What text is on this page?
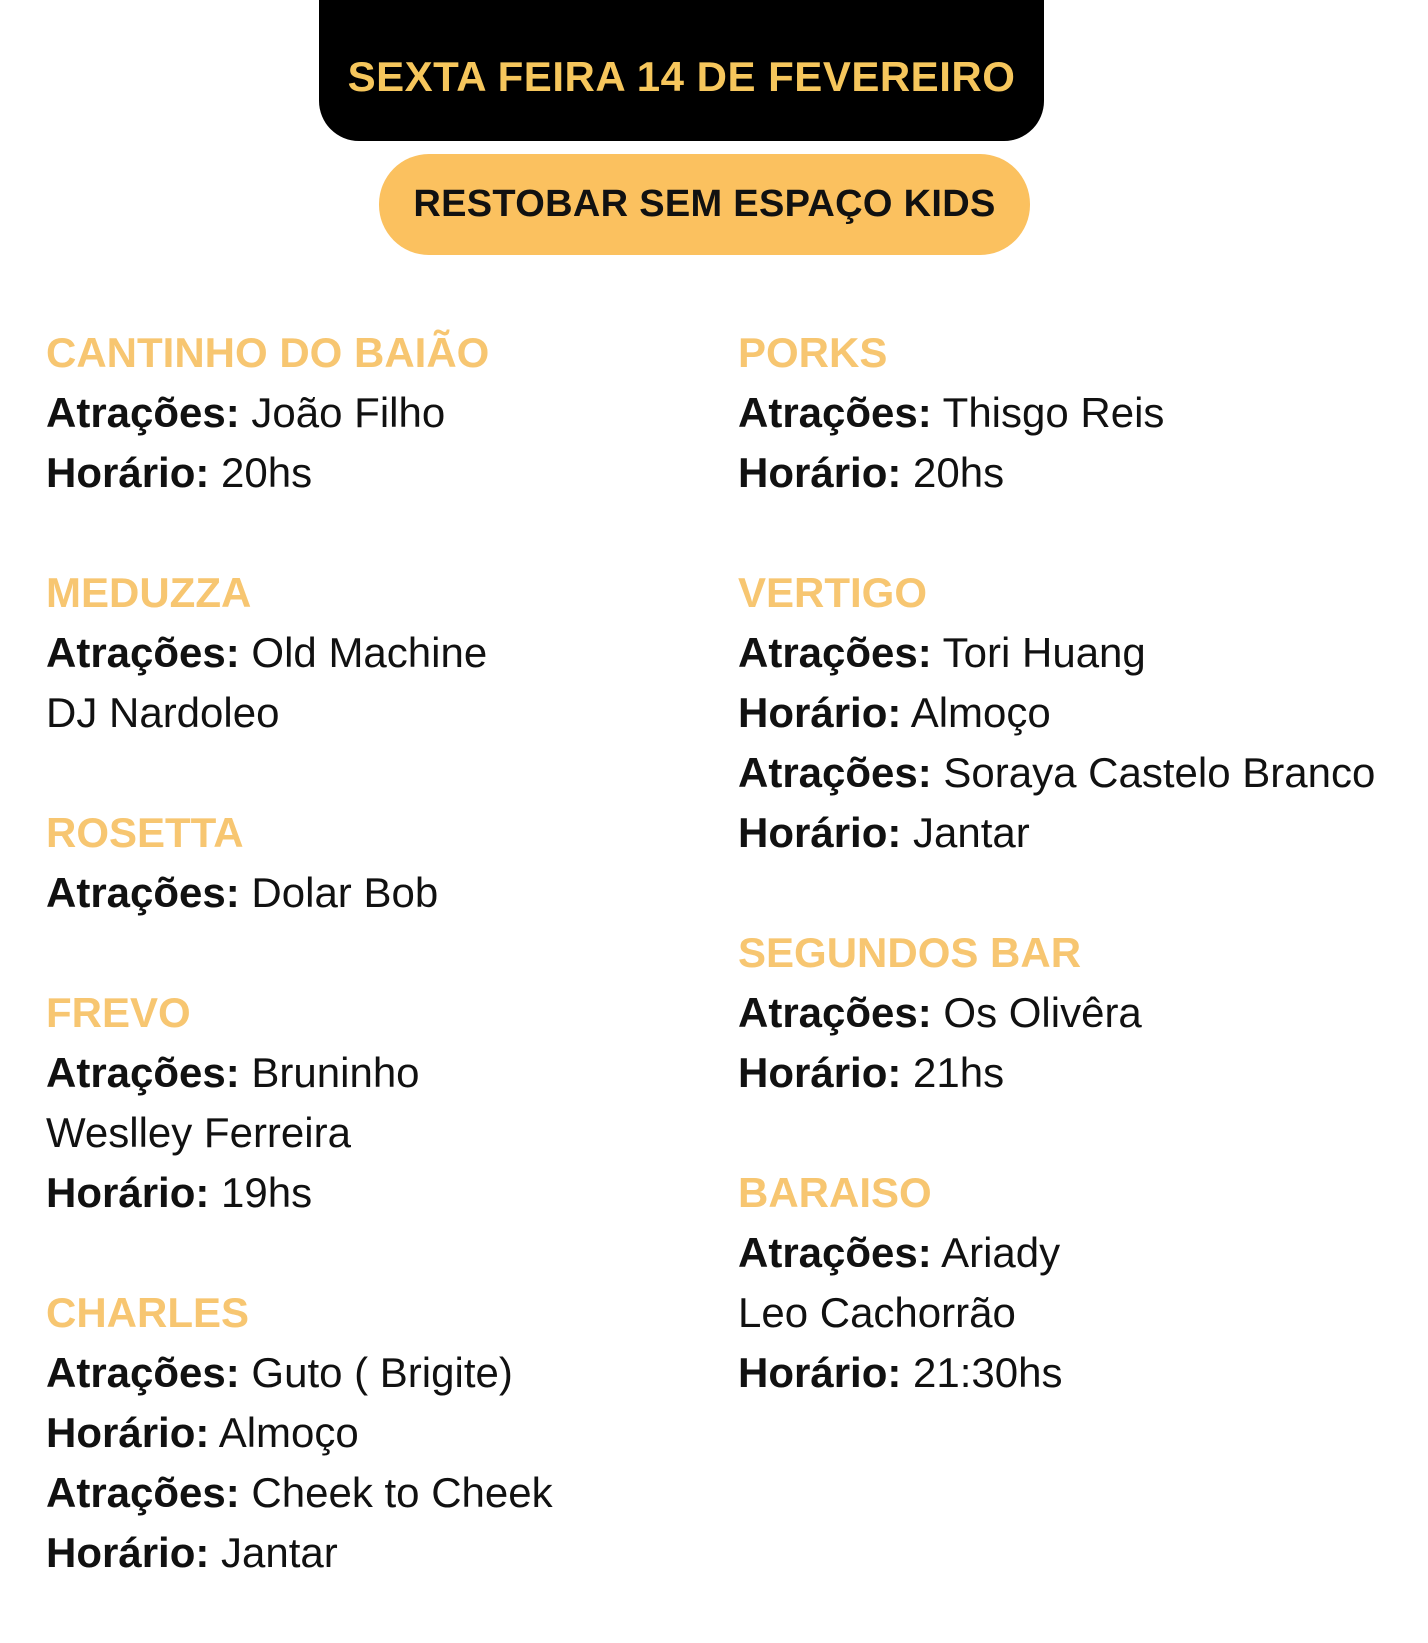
SEXTA FEIRA 14 DE FEVEREIRO
RESTOBAR SEM ESPAÇO KIDS
CANTINHO DO BAIÃO
Atrações: João Filho
Horário: 20hs
MEDUZZA
Atrações: Old Machine
DJ Nardoleo
ROSETTA
Atrações: Dolar Bob
FREVO
Atrações: Bruninho
Weslley Ferreira
Horário: 19hs
CHARLES
Atrações: Guto ( Brigite)
Horário: Almoço
Atrações: Cheek to Cheek
Horário: Jantar
PORKS
Atrações: Thisgo Reis
Horário: 20hs
VERTIGO
Atrações: Tori Huang
Horário: Almoço
Atrações: Soraya Castelo Branco
Horário: Jantar
SEGUNDOS BAR
Atrações: Os Olivêra
Horário: 21hs
BARAISO
Atrações: Ariady
Leo Cachorrão
Horário: 21:30hs
